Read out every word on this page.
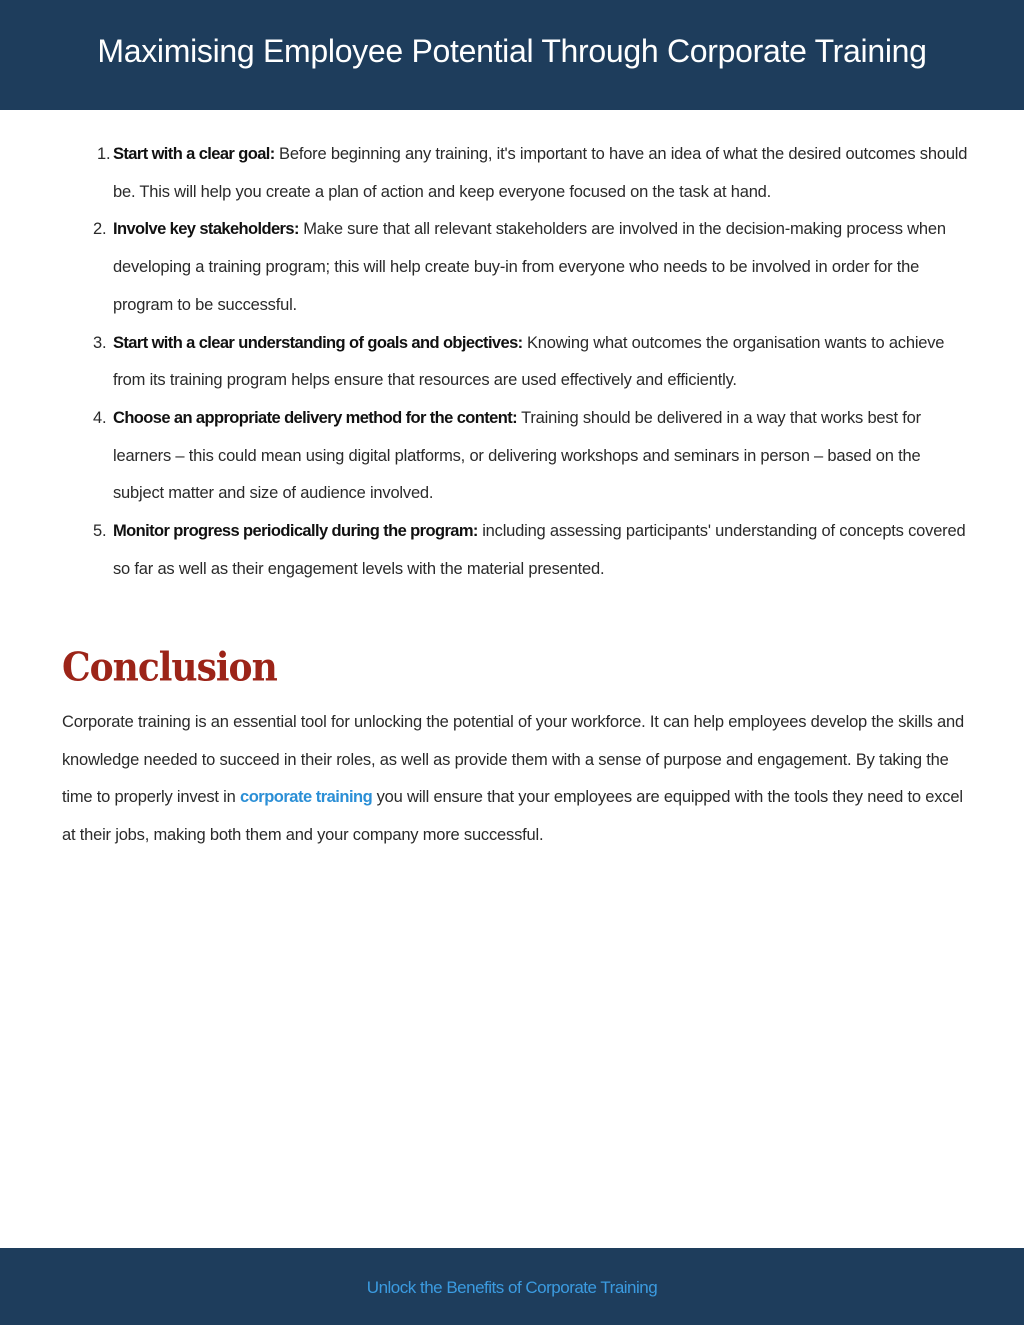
Maximising Employee Potential Through Corporate Training
1. Start with a clear goal: Before beginning any training, it's important to have an idea of what the desired outcomes should be. This will help you create a plan of action and keep everyone focused on the task at hand.
2. Involve key stakeholders: Make sure that all relevant stakeholders are involved in the decision-making process when developing a training program; this will help create buy-in from everyone who needs to be involved in order for the program to be successful.
3. Start with a clear understanding of goals and objectives: Knowing what outcomes the organisation wants to achieve from its training program helps ensure that resources are used effectively and efficiently.
4. Choose an appropriate delivery method for the content: Training should be delivered in a way that works best for learners – this could mean using digital platforms, or delivering workshops and seminars in person – based on the subject matter and size of audience involved.
5. Monitor progress periodically during the program: including assessing participants' understanding of concepts covered so far as well as their engagement levels with the material presented.
Conclusion

Corporate training is an essential tool for unlocking the potential of your workforce. It can help employees develop the skills and knowledge needed to succeed in their roles, as well as provide them with a sense of purpose and engagement. By taking the time to properly invest in corporate training you will ensure that your employees are equipped with the tools they need to excel at their jobs, making both them and your company more successful.

Unlock the Benefits of Corporate Training
